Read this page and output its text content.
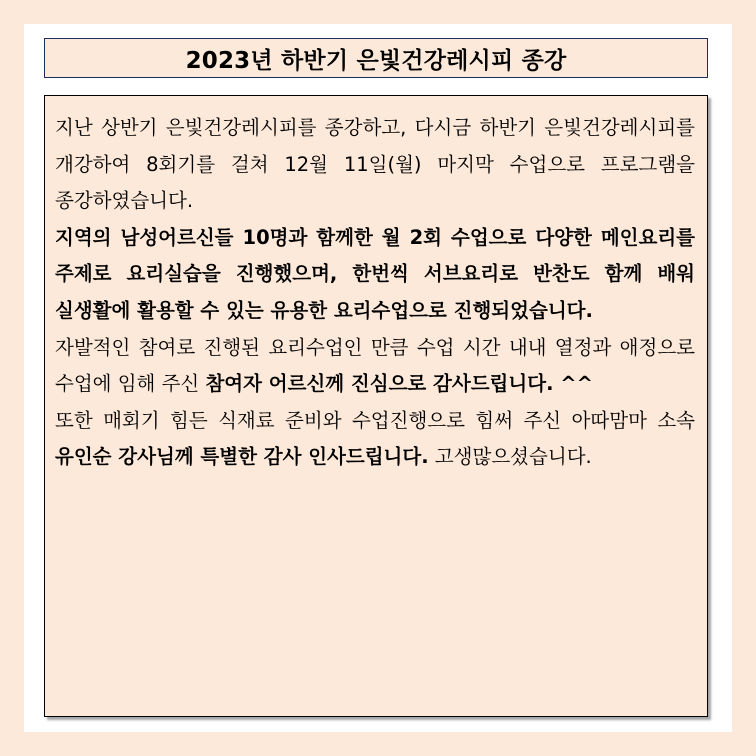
2023년 하반기 은빛건강레시피 종강

지난 상반기 은빛건강레시피를 종강하고, 다시금 하반기 은빛건강레시피를 개강하여 8회기를 걸쳐 12월 11일(월) 마지막 수업으로 프로그램을 종강하였습니다.

지역의 남성어르신들 10명과 함께한 월 2회 수업으로 다양한 메인요리를 주제로 요리실습을 진행했으며, 한번씩 서브요리로 반찬도 함께 배워 실생활에 활용할 수 있는 유용한 요리수업으로 진행되었습니다.

자발적인 참여로 진행된 요리수업인 만큼 수업 시간 내내 열정과 애정으로 수업에 임해 주신 참여자 어르신께 진심으로 감사드립니다. ^^

또한 매회기 힘든 식재료 준비와 수업진행으로 힘써 주신 아따맘마 소속 유인순 강사님께 특별한 감사 인사드립니다. 고생많으셨습니다.
